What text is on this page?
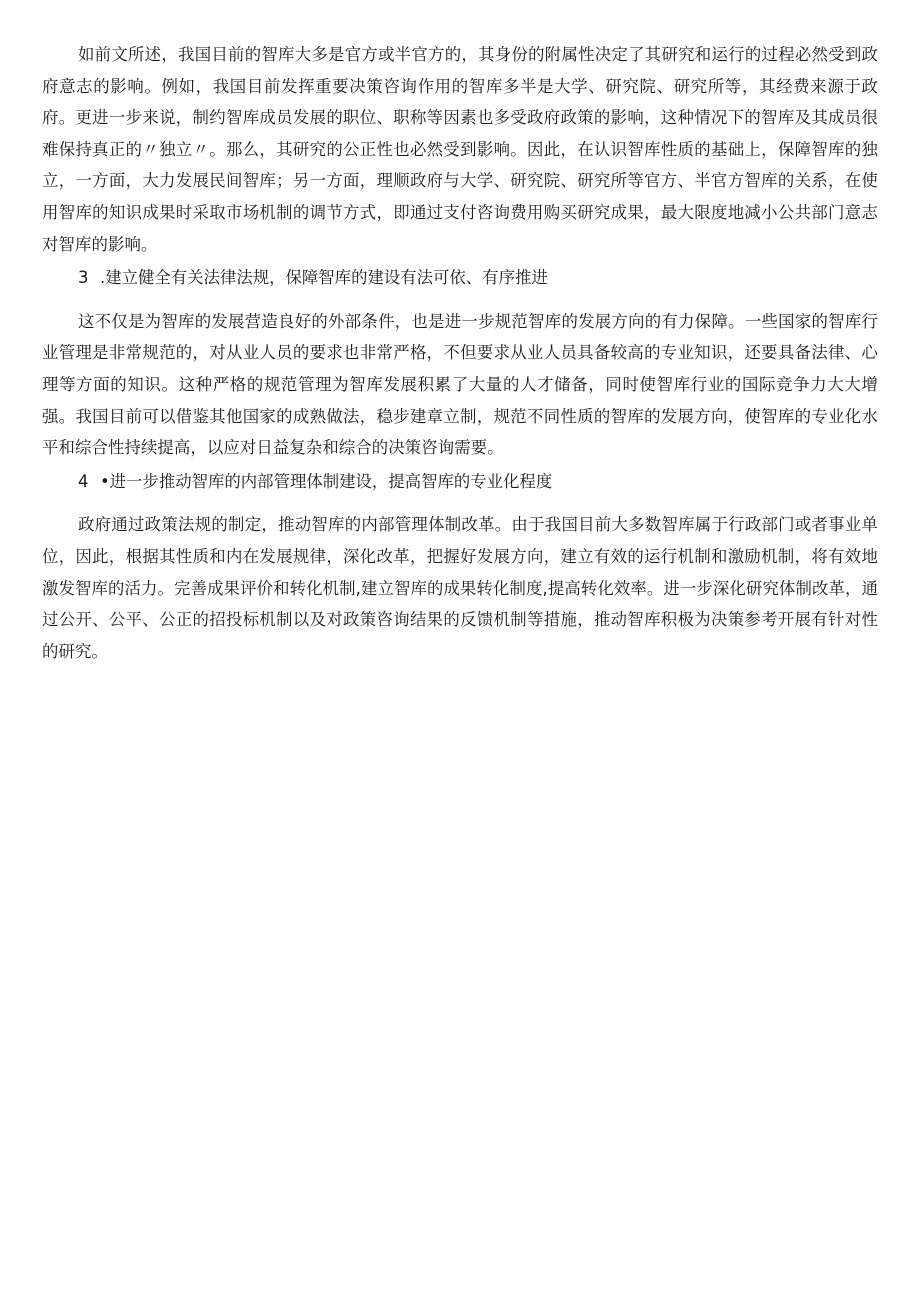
如前文所述，我国目前的智库大多是官方或半官方的，其身份的附属性决定了其研究和运行的过程必然受到政府意志的影响。例如，我国目前发挥重要决策咨询作用的智库多半是大学、研究院、研究所等，其经费来源于政府。更进一步来说，制约智库成员发展的职位、职称等因素也多受政府政策的影响，这种情况下的智库及其成员很难保持真正的〃独立〃。那么，其研究的公正性也必然受到影响。因此，在认识智库性质的基础上，保障智库的独立，一方面，大力发展民间智库；另一方面，理顺政府与大学、研究院、研究所等官方、半官方智库的关系，在使用智库的知识成果时采取市场机制的调节方式，即通过支付咨询费用购买研究成果，最大限度地减小公共部门意志对智库的影响。

3 .建立健全有关法律法规，保障智库的建设有法可依、有序推进

这不仅是为智库的发展营造良好的外部条件，也是进一步规范智库的发展方向的有力保障。一些国家的智库行业管理是非常规范的，对从业人员的要求也非常严格，不但要求从业人员具备较高的专业知识，还要具备法律、心理等方面的知识。这种严格的规范管理为智库发展积累了大量的人才储备，同时使智库行业的国际竞争力大大增强。我国目前可以借鉴其他国家的成熟做法，稳步建章立制，规范不同性质的智库的发展方向，使智库的专业化水平和综合性持续提高，以应对日益复杂和综合的决策咨询需要。

4 •进一步推动智库的内部管理体制建设，提高智库的专业化程度

政府通过政策法规的制定，推动智库的内部管理体制改革。由于我国目前大多数智库属于行政部门或者事业单位，因此，根据其性质和内在发展规律，深化改革，把握好发展方向，建立有效的运行机制和激励机制，将有效地激发智库的活力。完善成果评价和转化机制,建立智库的成果转化制度,提高转化效率。进一步深化研究体制改革，通过公开、公平、公正的招投标机制以及对政策咨询结果的反馈机制等措施，推动智库积极为决策参考开展有针对性的研究。
